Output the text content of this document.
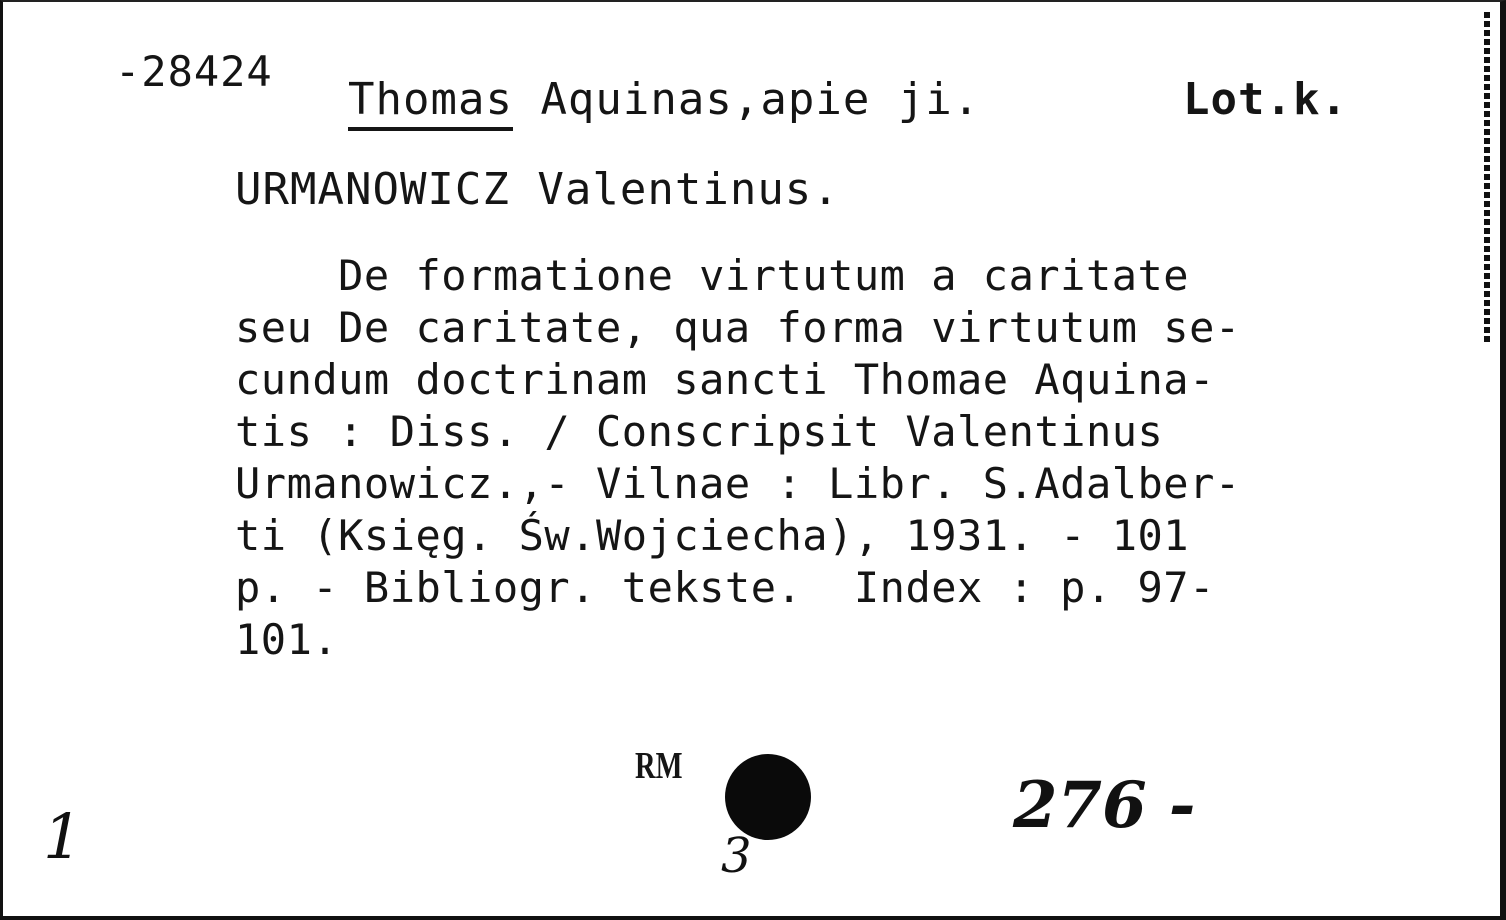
-28424
Thomas Aquinas,apie ji.	Lot.k.
URMANOWICZ Valentinus.
De formatione virtutum a caritate
seu De caritate, qua forma virtutum se-
cundum doctrinam sancti Thomae Aquina-
tis : Diss. / Conscripsit Valentinus
Urmanowicz.,- Vilnae : Libr. S.Adalber-
ti (Księg. Św.Wojciecha), 1931. - 101
p. - Bibliogr. tekste.  Index : p. 97-
101.
RM
1	3
276 -
